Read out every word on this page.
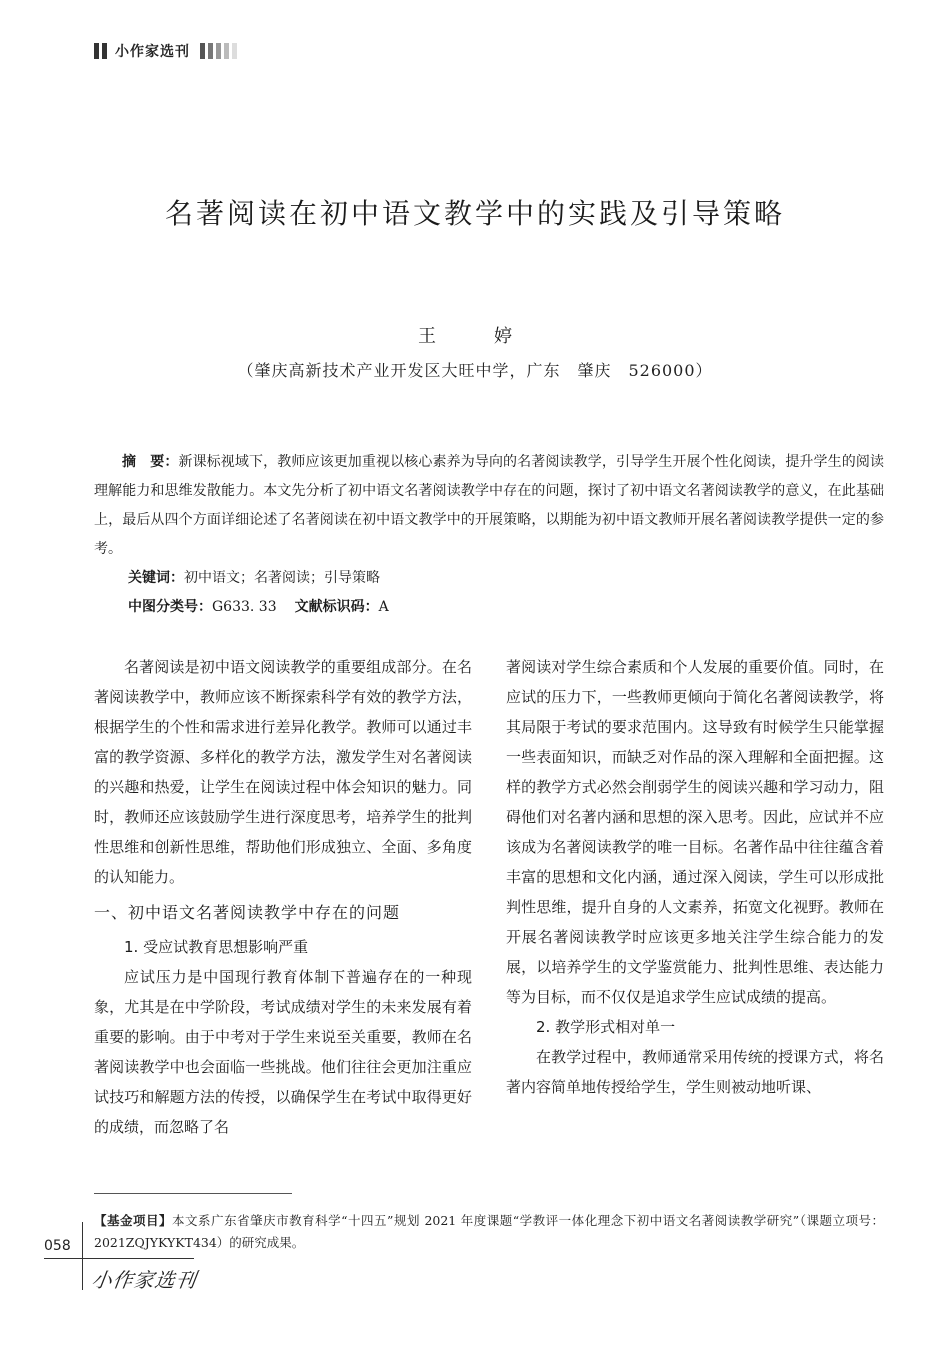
小作家选刊
名著阅读在初中语文教学中的实践及引导策略
王　婷
（肇庆高新技术产业开发区大旺中学，广东　肇庆　526000）

摘　要：新课标视域下，教师应该更加重视以核心素养为导向的名著阅读教学，引导学生开展个性化阅读，提升学生的阅读理解能力和思维发散能力。本文先分析了初中语文名著阅读教学中存在的问题，探讨了初中语文名著阅读教学的意义，在此基础上，最后从四个方面详细论述了名著阅读在初中语文教学中的开展策略，以期能为初中语文教师开展名著阅读教学提供一定的参考。

关键词：初中语文；名著阅读；引导策略
中图分类号：G633. 33 文献标识码：A

名著阅读是初中语文阅读教学的重要组成部分。在名著阅读教学中，教师应该不断探索科学有效的教学方法，根据学生的个性和需求进行差异化教学。教师可以通过丰富的教学资源、多样化的教学方法，激发学生对名著阅读的兴趣和热爱，让学生在阅读过程中体会知识的魅力。同时，教师还应该鼓励学生进行深度思考，培养学生的批判性思维和创新性思维，帮助他们形成独立、全面、多角度的认知能力。

一、初中语文名著阅读教学中存在的问题
1. 受应试教育思想影响严重

应试压力是中国现行教育体制下普遍存在的一种现象，尤其是在中学阶段，考试成绩对学生的未来发展有着重要的影响。由于中考对于学生来说至关重要，教师在名著阅读教学中也会面临一些挑战。他们往往会更加注重应试技巧和解题方法的传授，以确保学生在考试中取得更好的成绩，而忽略了名

著阅读对学生综合素质和个人发展的重要价值。同时，在应试的压力下，一些教师更倾向于简化名著阅读教学，将其局限于考试的要求范围内。这导致有时候学生只能掌握一些表面知识，而缺乏对作品的深入理解和全面把握。这样的教学方式必然会削弱学生的阅读兴趣和学习动力，阻碍他们对名著内涵和思想的深入思考。因此，应试并不应该成为名著阅读教学的唯一目标。名著作品中往往蕴含着丰富的思想和文化内涵，通过深入阅读，学生可以形成批判性思维，提升自身的人文素养，拓宽文化视野。教师在开展名著阅读教学时应该更多地关注学生综合能力的发展，以培养学生的文学鉴赏能力、批判性思维、表达能力等为目标，而不仅仅是追求学生应试成绩的提高。

2. 教学形式相对单一

在教学过程中，教师通常采用传统的授课方式，将名著内容简单地传授给学生，学生则被动地听课、

【基金项目】本文系广东省肇庆市教育科学“十四五”规划 2021 年度课题“学教评一体化理念下初中语文名著阅读教学研究”（课题立项号：2021ZQJYKYKT434）的研究成果。
058
小作家选刊
